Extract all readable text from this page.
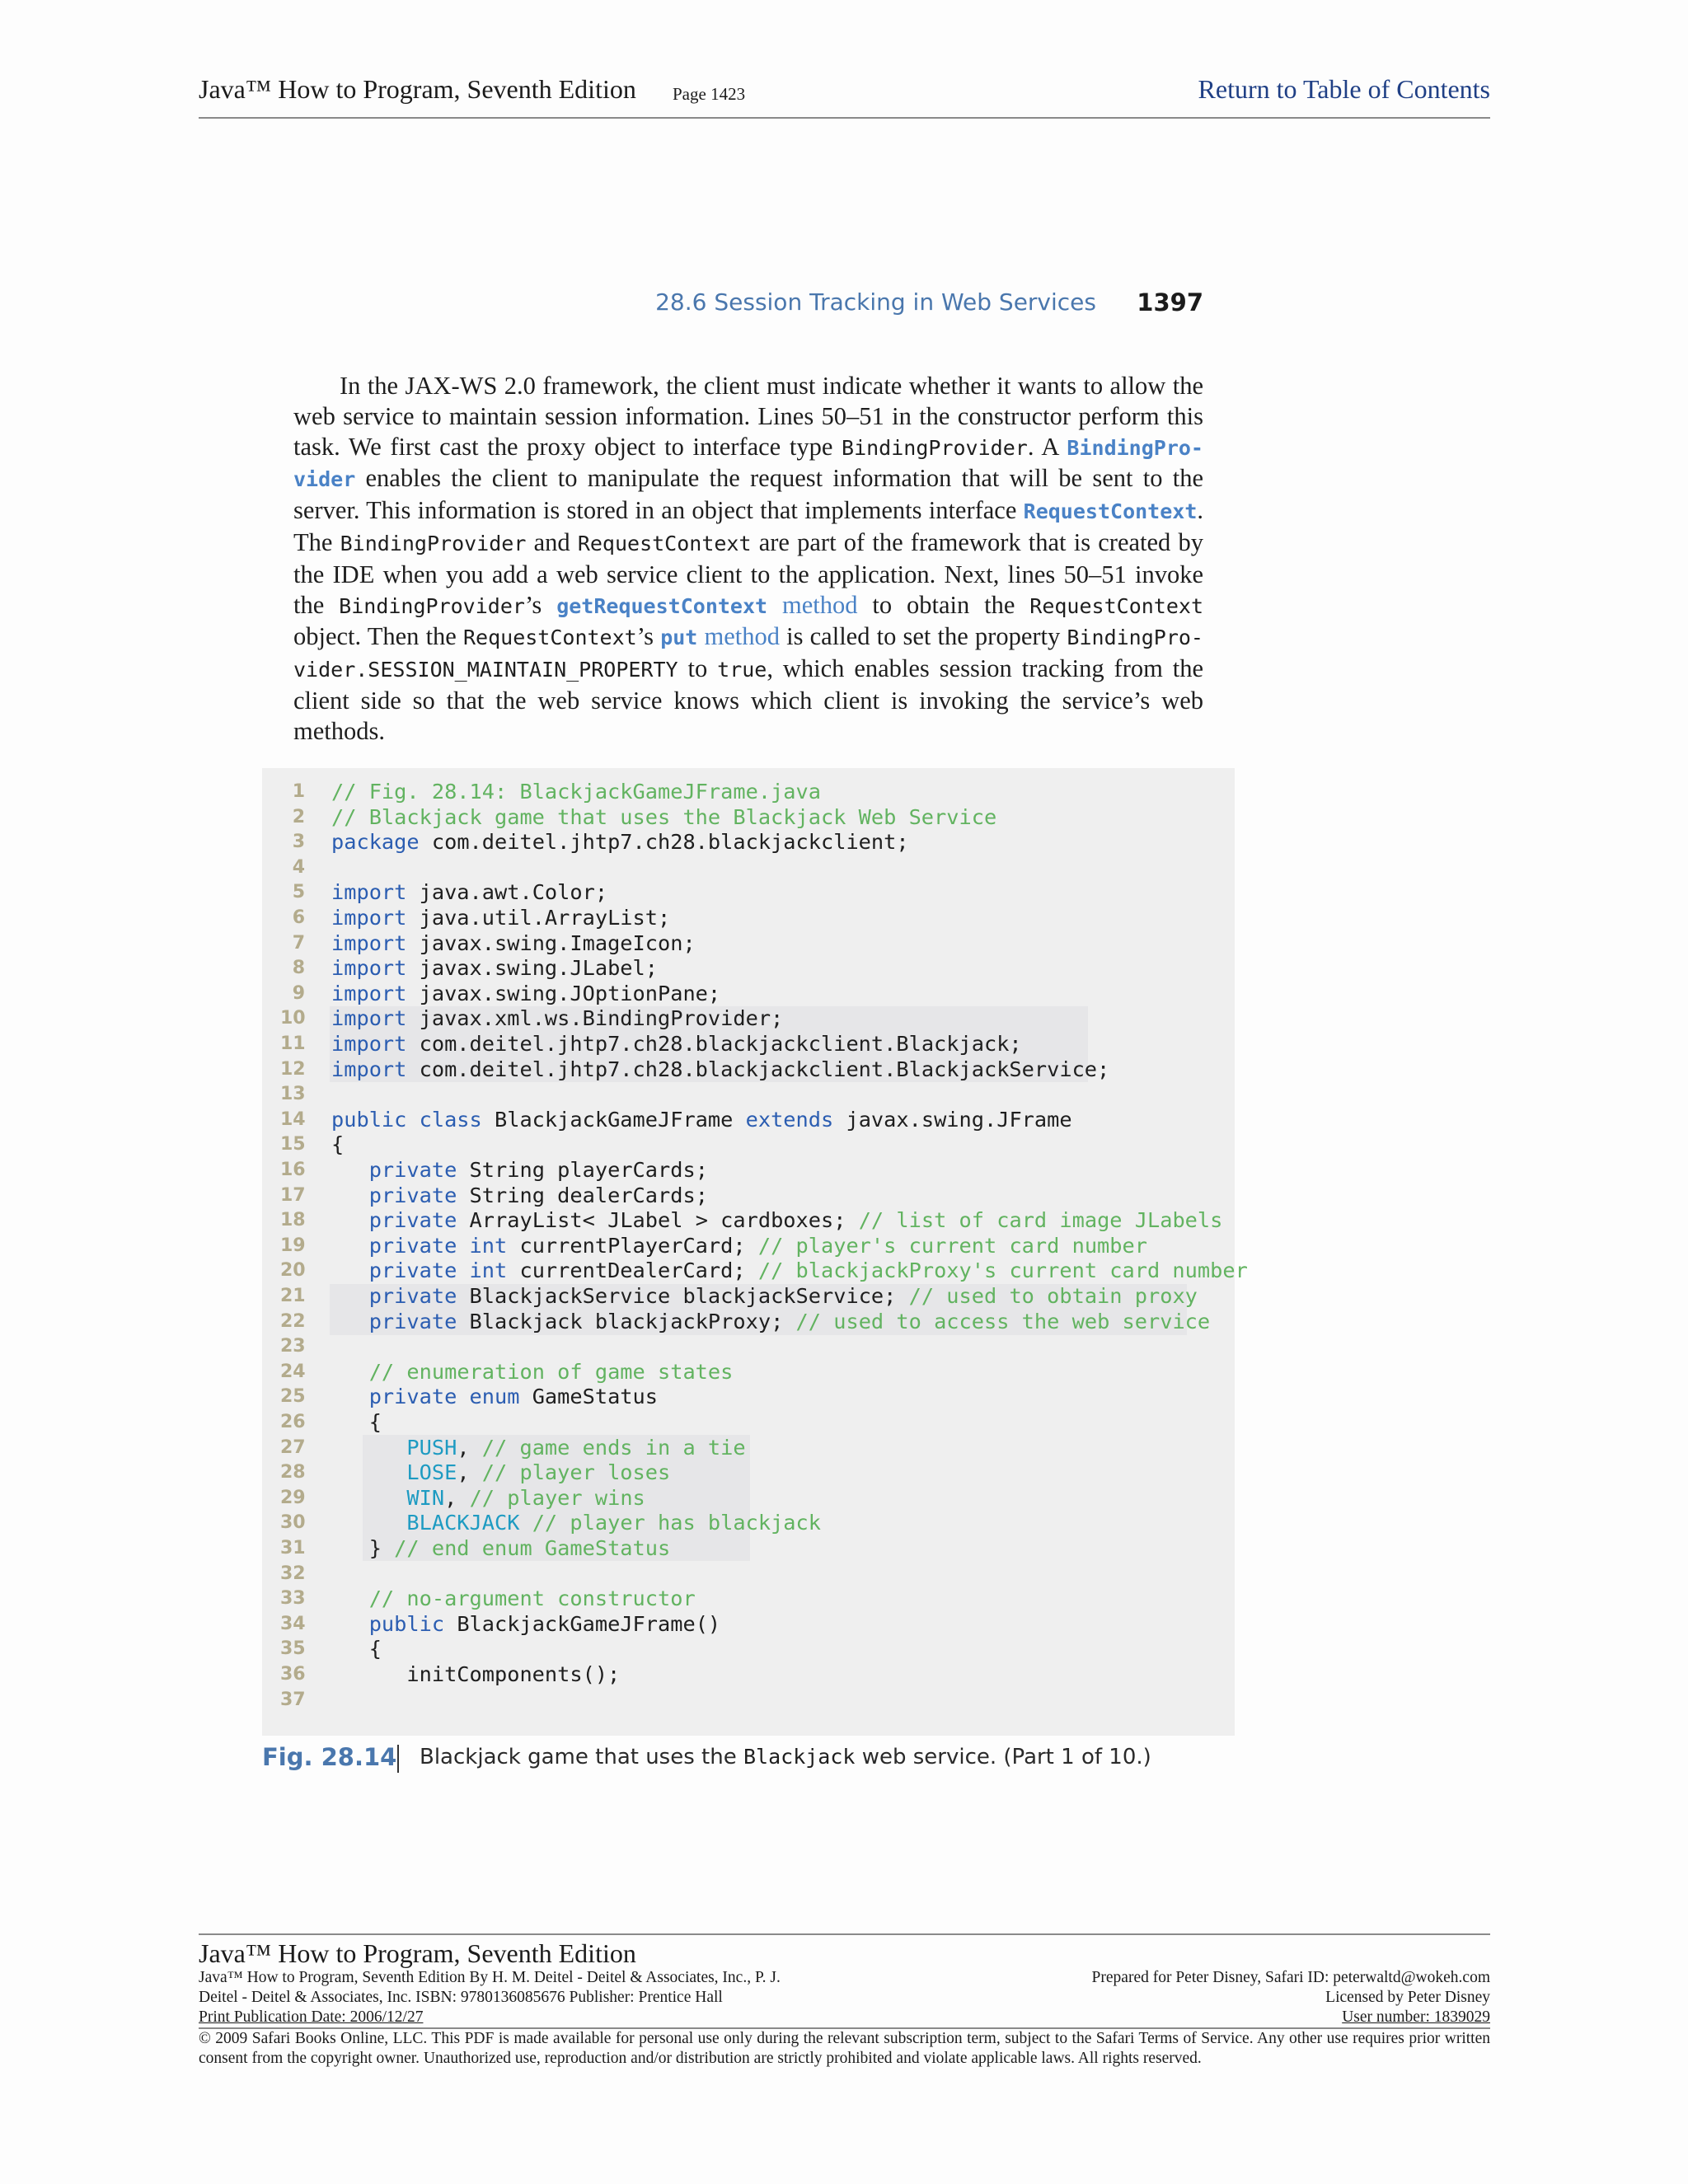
Java™ How to Program, Seventh Edition Page 1423	Return to Table of Contents
28.6 Session Tracking in Web Services 1397
In the JAX-WS 2.0 framework, the client must indicate whether it wants to allow the web service to maintain session information. Lines 50–51 in the constructor perform this task. We first cast the proxy object to interface type BindingProvider. A BindingPro-vider enables the client to manipulate the request information that will be sent to the server. This information is stored in an object that implements interface RequestContext. The BindingProvider and RequestContext are part of the framework that is created by the IDE when you add a web service client to the application. Next, lines 50–51 invoke the BindingProvider’s getRequestContext method to obtain the RequestContext object. Then the RequestContext’s put method is called to set the property BindingPro-vider.SESSION_MAINTAIN_PROPERTY to true, which enables session tracking from the client side so that the web service knows which client is invoking the service’s web methods.
1 // Fig. 28.14: BlackjackGameJFrame.java
2 // Blackjack game that uses the Blackjack Web Service
3 package com.deitel.jhtp7.ch28.blackjackclient;
4
5 import java.awt.Color;
6 import java.util.ArrayList;
7 import javax.swing.ImageIcon;
8 import javax.swing.JLabel;
9 import javax.swing.JOptionPane;
10 import javax.xml.ws.BindingProvider;
11 import com.deitel.jhtp7.ch28.blackjackclient.Blackjack;
12 import com.deitel.jhtp7.ch28.blackjackclient.BlackjackService;
13
14 public class BlackjackGameJFrame extends javax.swing.JFrame
15 {
16	private String playerCards;
17	private String dealerCards;
18	private ArrayList< JLabel > cardboxes; // list of card image JLabels
19	private int currentPlayerCard; // player's current card number
20	private int currentDealerCard; // blackjackProxy's current card number
21	private BlackjackService blackjackService; // used to obtain proxy
22	private Blackjack blackjackProxy; // used to access the web service
23
24	// enumeration of game states
25	private enum GameStatus
26 {
27	PUSH, // game ends in a tie
28	LOSE, // player loses
29	WIN, // player wins
30	BLACKJACK // player has blackjack
31 } // end enum GameStatus
32
33	// no-argument constructor
34	public BlackjackGameJFrame()
35 {
36 initComponents();
37
Fig. 28.14 Blackjack game that uses the Blackjack web service. (Part 1 of 10.)
Java™ How to Program, Seventh Edition
Java™ How to Program, Seventh Edition By H. M. Deitel - Deitel & Associates, Inc., P. J.
Deitel - Deitel & Associates, Inc. ISBN: 9780136085676 Publisher: Prentice Hall
Print Publication Date: 2006/12/27
Prepared for Peter Disney, Safari ID: peterwaltd@wokeh.com
Licensed by Peter Disney
User number: 1839029
© 2009 Safari Books Online, LLC. This PDF is made available for personal use only during the relevant subscription term, subject to the Safari Terms of Service. Any other use requires prior written consent from the copyright owner. Unauthorized use, reproduction and/or distribution are strictly prohibited and violate applicable laws. All rights reserved.
